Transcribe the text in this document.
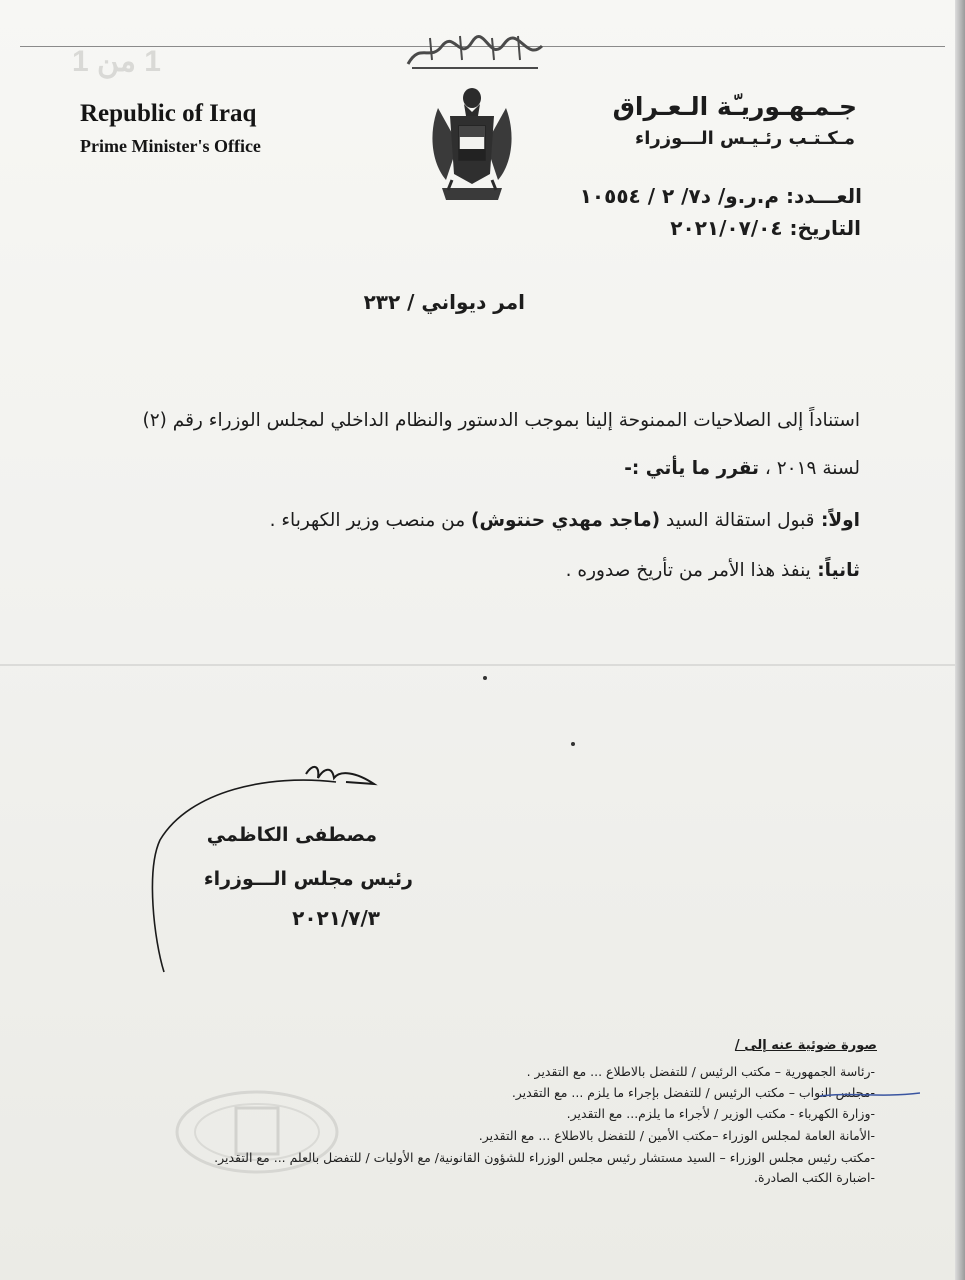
1 من 1
Republic of Iraq
Prime Minister's Office
جـمـهـوريـّة الـعـراق
مـكـتـب رئـيـس الـــوزراء
العـــدد: م.ر.و/ د٧/ ٢ / ١٠٥٥٤
التاريخ: ٢٠٢١/٠٧/٠٤
امر ديواني / ٢٣٢
استناداً إلى الصلاحيات الممنوحة إلينا بموجب الدستور والنظام الداخلي لمجلس الوزراء رقم (٢)
لسنة ٢٠١٩ ، تقرر ما يأتي :-
اولاً: قبول استقالة السيد (ماجد مهدي حنتوش) من منصب وزير الكهرباء .
ثانياً: ينفذ هذا الأمر من تأريخ صدوره .
مصطفى الكاظمي
رئيس مجلس الـــوزراء
٢٠٢١/٧/٣
صورة ضوئية عنه إلى /
-رئاسة الجمهورية – مكتب الرئيس / للتفضل بالاطلاع ... مع التقدير .
-مجلس النواب – مكتب الرئيس / للتفضل بإجراء ما يلزم ... مع التقدير.
-وزارة الكهرباء - مكتب الوزير / لأجراء ما يلزم... مع التقدير.
-الأمانة العامة لمجلس الوزراء –مكتب الأمين / للتفضل بالاطلاع ... مع التقدير.
-مكتب رئيس مجلس الوزراء – السيد مستشار رئيس مجلس الوزراء للشؤون القانونية/ مع الأوليات / للتفضل بالعلم ... مع التقدير.
-اضبارة الكتب الصادرة.
